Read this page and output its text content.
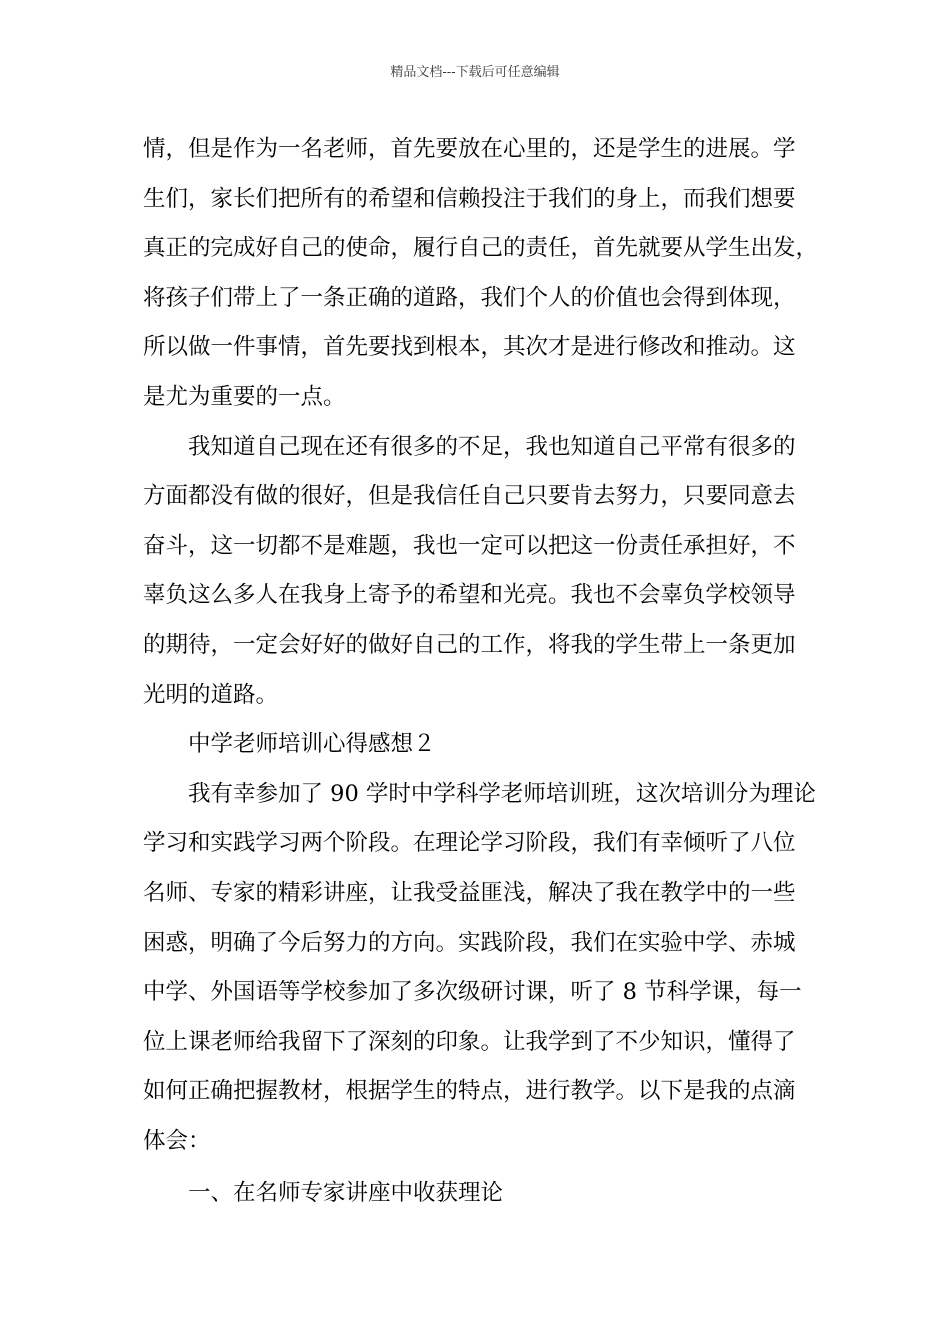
精品文档---下载后可任意编辑
情，但是作为一名老师，首先要放在心里的，还是学生的进展。学
生们，家长们把所有的希望和信赖投注于我们的身上，而我们想要
真正的完成好自己的使命，履行自己的责任，首先就要从学生出发，
将孩子们带上了一条正确的道路，我们个人的价值也会得到体现，
所以做一件事情，首先要找到根本，其次才是进行修改和推动。这
是尤为重要的一点。
我知道自己现在还有很多的不足，我也知道自己平常有很多的
方面都没有做的很好，但是我信任自己只要肯去努力，只要同意去
奋斗，这一切都不是难题，我也一定可以把这一份责任承担好，不
辜负这么多人在我身上寄予的希望和光亮。我也不会辜负学校领导
的期待，一定会好好的做好自己的工作，将我的学生带上一条更加
光明的道路。
中学老师培训心得感想２
我有幸参加了 90 学时中学科学老师培训班，这次培训分为理论
学习和实践学习两个阶段。在理论学习阶段，我们有幸倾听了八位
名师、专家的精彩讲座，让我受益匪浅，解决了我在教学中的一些
困惑，明确了今后努力的方向。实践阶段，我们在实验中学、赤城
中学、外国语等学校参加了多次级研讨课，听了 8 节科学课，每一
位上课老师给我留下了深刻的印象。让我学到了不少知识，懂得了
如何正确把握教材，根据学生的特点，进行教学。以下是我的点滴
体会：
一、在名师专家讲座中收获理论
